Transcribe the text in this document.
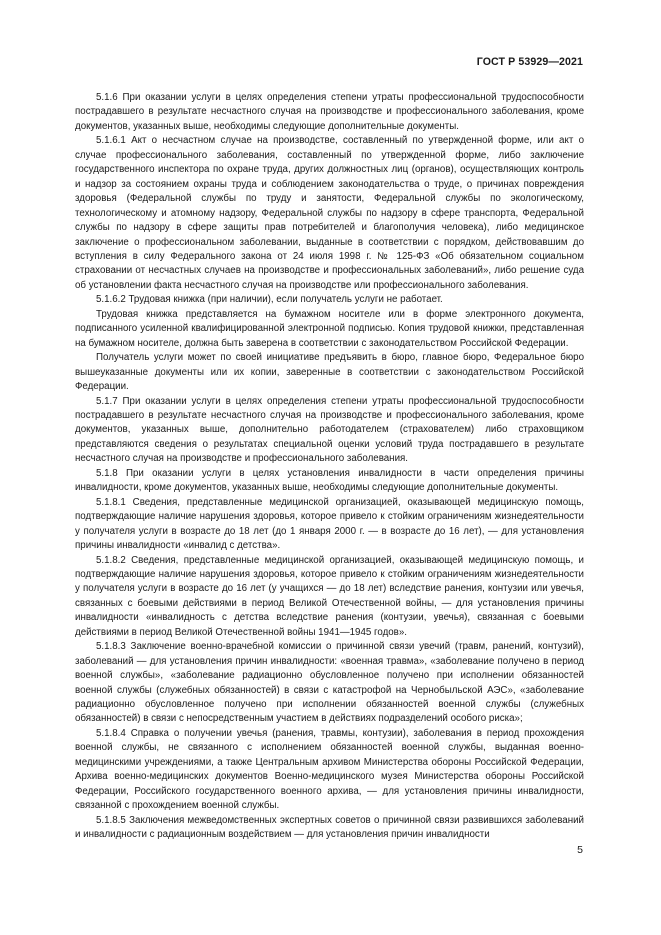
ГОСТ Р 53929—2021

5.1.6 При оказании услуги в целях определения степени утраты профессиональной трудоспособности пострадавшего в результате несчастного случая на производстве и профессионального заболевания, кроме документов, указанных выше, необходимы следующие дополнительные документы.

5.1.6.1 Акт о несчастном случае на производстве, составленный по утвержденной форме, или акт о случае профессионального заболевания, составленный по утвержденной форме, либо заключение государственного инспектора по охране труда, других должностных лиц (органов), осуществляющих контроль и надзор за состоянием охраны труда и соблюдением законодательства о труде, о причинах повреждения здоровья (Федеральной службы по труду и занятости, Федеральной службы по экологическому, технологическому и атомному надзору, Федеральной службы по надзору в сфере транспорта, Федеральной службы по надзору в сфере защиты прав потребителей и благополучия человека), либо медицинское заключение о профессиональном заболевании, выданные в соответствии с порядком, действовавшим до вступления в силу Федерального закона от 24 июля 1998 г. № 125-ФЗ «Об обязательном социальном страховании от несчастных случаев на производстве и профессиональных заболеваний», либо решение суда об установлении факта несчастного случая на производстве или профессионального заболевания.

5.1.6.2 Трудовая книжка (при наличии), если получатель услуги не работает.

Трудовая книжка представляется на бумажном носителе или в форме электронного документа, подписанного усиленной квалифицированной электронной подписью. Копия трудовой книжки, представленная на бумажном носителе, должна быть заверена в соответствии с законодательством Российской Федерации.

Получатель услуги может по своей инициативе предъявить в бюро, главное бюро, Федеральное бюро вышеуказанные документы или их копии, заверенные в соответствии с законодательством Российской Федерации.

5.1.7 При оказании услуги в целях определения степени утраты профессиональной трудоспособности пострадавшего в результате несчастного случая на производстве и профессионального заболевания, кроме документов, указанных выше, дополнительно работодателем (страхователем) либо страховщиком представляются сведения о результатах специальной оценки условий труда пострадавшего в результате несчастного случая на производстве и профессионального заболевания.

5.1.8 При оказании услуги в целях установления инвалидности в части определения причины инвалидности, кроме документов, указанных выше, необходимы следующие дополнительные документы.

5.1.8.1 Сведения, представленные медицинской организацией, оказывающей медицинскую помощь, подтверждающие наличие нарушения здоровья, которое привело к стойким ограничениям жизнедеятельности у получателя услуги в возрасте до 18 лет (до 1 января 2000 г. — в возрасте до 16 лет), — для установления причины инвалидности «инвалид с детства».

5.1.8.2 Сведения, представленные медицинской организацией, оказывающей медицинскую помощь, и подтверждающие наличие нарушения здоровья, которое привело к стойким ограничениям жизнедеятельности у получателя услуги в возрасте до 16 лет (у учащихся — до 18 лет) вследствие ранения, контузии или увечья, связанных с боевыми действиями в период Великой Отечественной войны, — для установления причины инвалидности «инвалидность с детства вследствие ранения (контузии, увечья), связанная с боевыми действиями в период Великой Отечественной войны 1941—1945 годов».

5.1.8.3 Заключение военно-врачебной комиссии о причинной связи увечий (травм, ранений, контузий), заболеваний — для установления причин инвалидности: «военная травма», «заболевание получено в период военной службы», «заболевание радиационно обусловленное получено при исполнении обязанностей военной службы (служебных обязанностей) в связи с катастрофой на Чернобыльской АЭС», «заболевание радиационно обусловленное получено при исполнении обязанностей военной службы (служебных обязанностей) в связи с непосредственным участием в действиях подразделений особого риска»;

5.1.8.4 Справка о получении увечья (ранения, травмы, контузии), заболевания в период прохождения военной службы, не связанного с исполнением обязанностей военной службы, выданная военно-медицинскими учреждениями, а также Центральным архивом Министерства обороны Российской Федерации, Архива военно-медицинских документов Военно-медицинского музея Министерства обороны Российской Федерации, Российского государственного военного архива, — для установления причины инвалидности, связанной с прохождением военной службы.

5.1.8.5 Заключения межведомственных экспертных советов о причинной связи развившихся заболеваний и инвалидности с радиационным воздействием — для установления причин инвалидности

5
